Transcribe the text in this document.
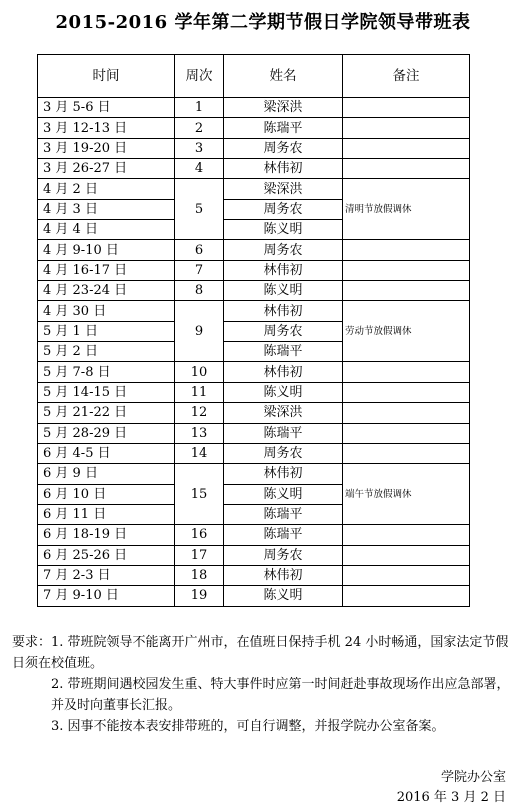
2015-2016 学年第二学期节假日学院领导带班表
时间	周次	姓名	备注
3 月 5-6 日	1	梁深洪	
3 月 12-13 日	2	陈瑞平	
3 月 19-20 日	3	周务农	
3 月 26-27 日	4	林伟初	
4 月 2 日	5	梁深洪	清明节放假调休
4 月 3 日		周务农	
4 月 4 日		陈义明	
4 月 9-10 日	6	周务农	
4 月 16-17 日	7	林伟初	
4 月 23-24 日	8	陈义明	
4 月 30 日	9	林伟初	劳动节放假调休
5 月 1 日		周务农	
5 月 2 日		陈瑞平	
5 月 7-8 日	10	林伟初	
5 月 14-15 日	11	陈义明	
5 月 21-22 日	12	梁深洪	
5 月 28-29 日	13	陈瑞平	
6 月 4-5 日	14	周务农	
6 月 9 日	15	林伟初	端午节放假调休
6 月 10 日		陈义明	
6 月 11 日		陈瑞平	
6 月 18-19 日	16	陈瑞平	
6 月 25-26 日	17	周务农	
7 月 2-3 日	18	林伟初	
7 月 9-10 日	19	陈义明	

要求：1. 带班院领导不能离开广州市，在值班日保持手机 24 小时畅通，国家法定节假日须在校值班。

2. 带班期间遇校园发生重、特大事件时应第一时间赶赴事故现场作出应急部署，并及时向董事长汇报。

3. 因事不能按本表安排带班的，可自行调整，并报学院办公室备案。

学院办公室
2016 年 3 月 2 日
